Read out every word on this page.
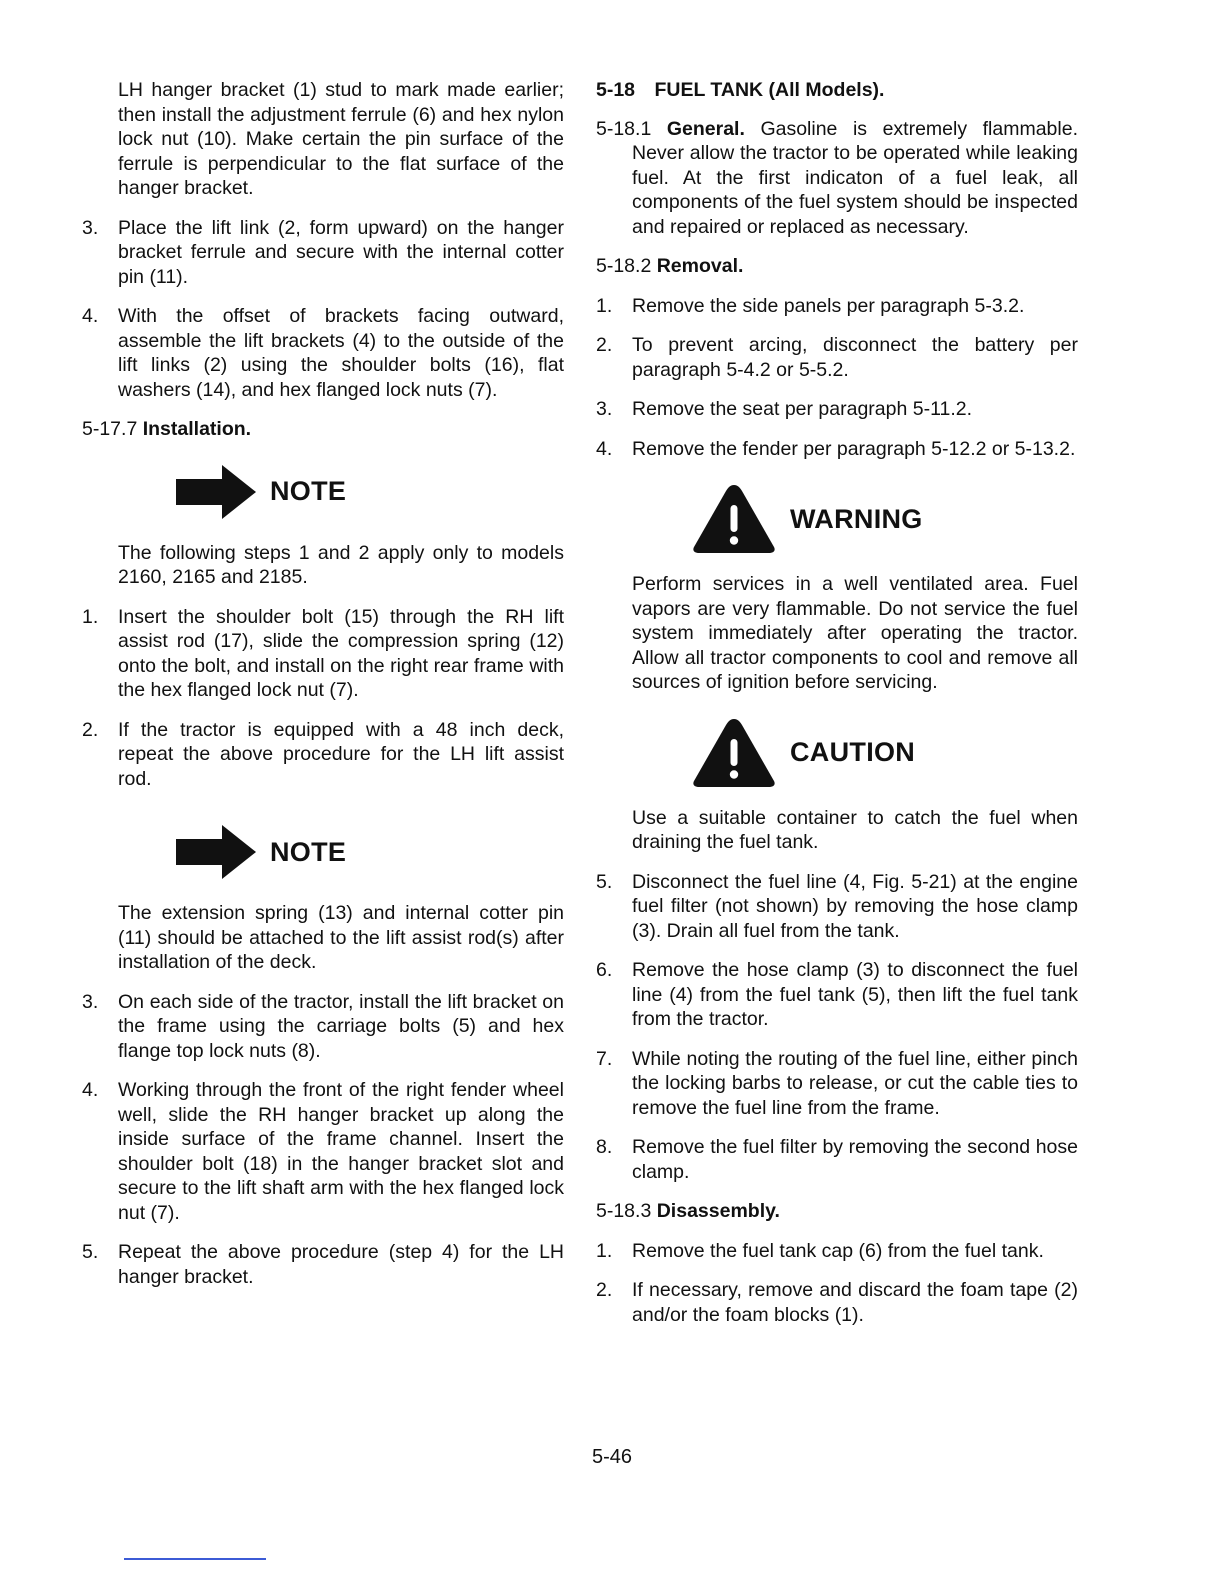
LH hanger bracket (1) stud to mark made earlier; then install the adjustment ferrule (6) and hex nylon lock nut (10). Make certain the pin surface of the ferrule is perpendicular to the flat surface of the hanger bracket.

3.	Place the lift link (2, form upward) on the hanger bracket ferrule and secure with the internal cotter pin (11).
4.	With the offset of brackets facing outward, assemble the lift brackets (4) to the outside of the lift links (2) using the shoulder bolts (16), flat washers (14), and hex flanged lock nuts (7).

5-17.7 Installation.

NOTE

The following steps 1 and 2 apply only to models 2160, 2165 and 2185.

1.	Insert the shoulder bolt (15) through the RH lift assist rod (17), slide the compression spring (12) onto the bolt, and install on the right rear frame with the hex flanged lock nut (7).
2.	If the tractor is equipped with a 48 inch deck, repeat the above procedure for the LH lift assist rod.
NOTE

The extension spring (13) and internal cotter pin (11) should be attached to the lift assist rod(s) after installation of the deck.

3.	On each side of the tractor, install the lift bracket on the frame using the carriage bolts (5) and hex flange top lock nuts (8).
4.	Working through the front of the right fender wheel well, slide the RH hanger bracket up along the inside surface of the frame channel. Insert the shoulder bolt (18) in the hanger bracket slot and secure to the lift shaft arm with the hex flanged lock nut (7).
5.	Repeat the above procedure (step 4) for the LH hanger bracket.

5-18 FUEL TANK (All Models).

5-18.1 General. Gasoline is extremely flammable. Never allow the tractor to be operated while leaking fuel. At the first indicaton of a fuel leak, all components of the fuel system should be inspected and repaired or replaced as necessary.

5-18.2 Removal.

1.	Remove the side panels per paragraph 5-3.2.
2.	To prevent arcing, disconnect the battery per paragraph 5-4.2 or 5-5.2.
3.	Remove the seat per paragraph 5-11.2.
4.	Remove the fender per paragraph 5-12.2 or 5-13.2.
WARNING

Perform services in a well ventilated area. Fuel vapors are very flammable. Do not service the fuel system immediately after operating the tractor. Allow all tractor components to cool and remove all sources of ignition before servicing.

CAUTION

Use a suitable container to catch the fuel when draining the fuel tank.

5.	Disconnect the fuel line (4, Fig. 5-21) at the engine fuel filter (not shown) by removing the hose clamp (3). Drain all fuel from the tank.
6.	Remove the hose clamp (3) to disconnect the fuel line (4) from the fuel tank (5), then lift the fuel tank from the tractor.
7.	While noting the routing of the fuel line, either pinch the locking barbs to release, or cut the cable ties to remove the fuel line from the frame.
8.	Remove the fuel filter by removing the second hose clamp.

5-18.3 Disassembly.

1.	Remove the fuel tank cap (6) from the fuel tank.
2.	If necessary, remove and discard the foam tape (2) and/or the foam blocks (1).
5-46
